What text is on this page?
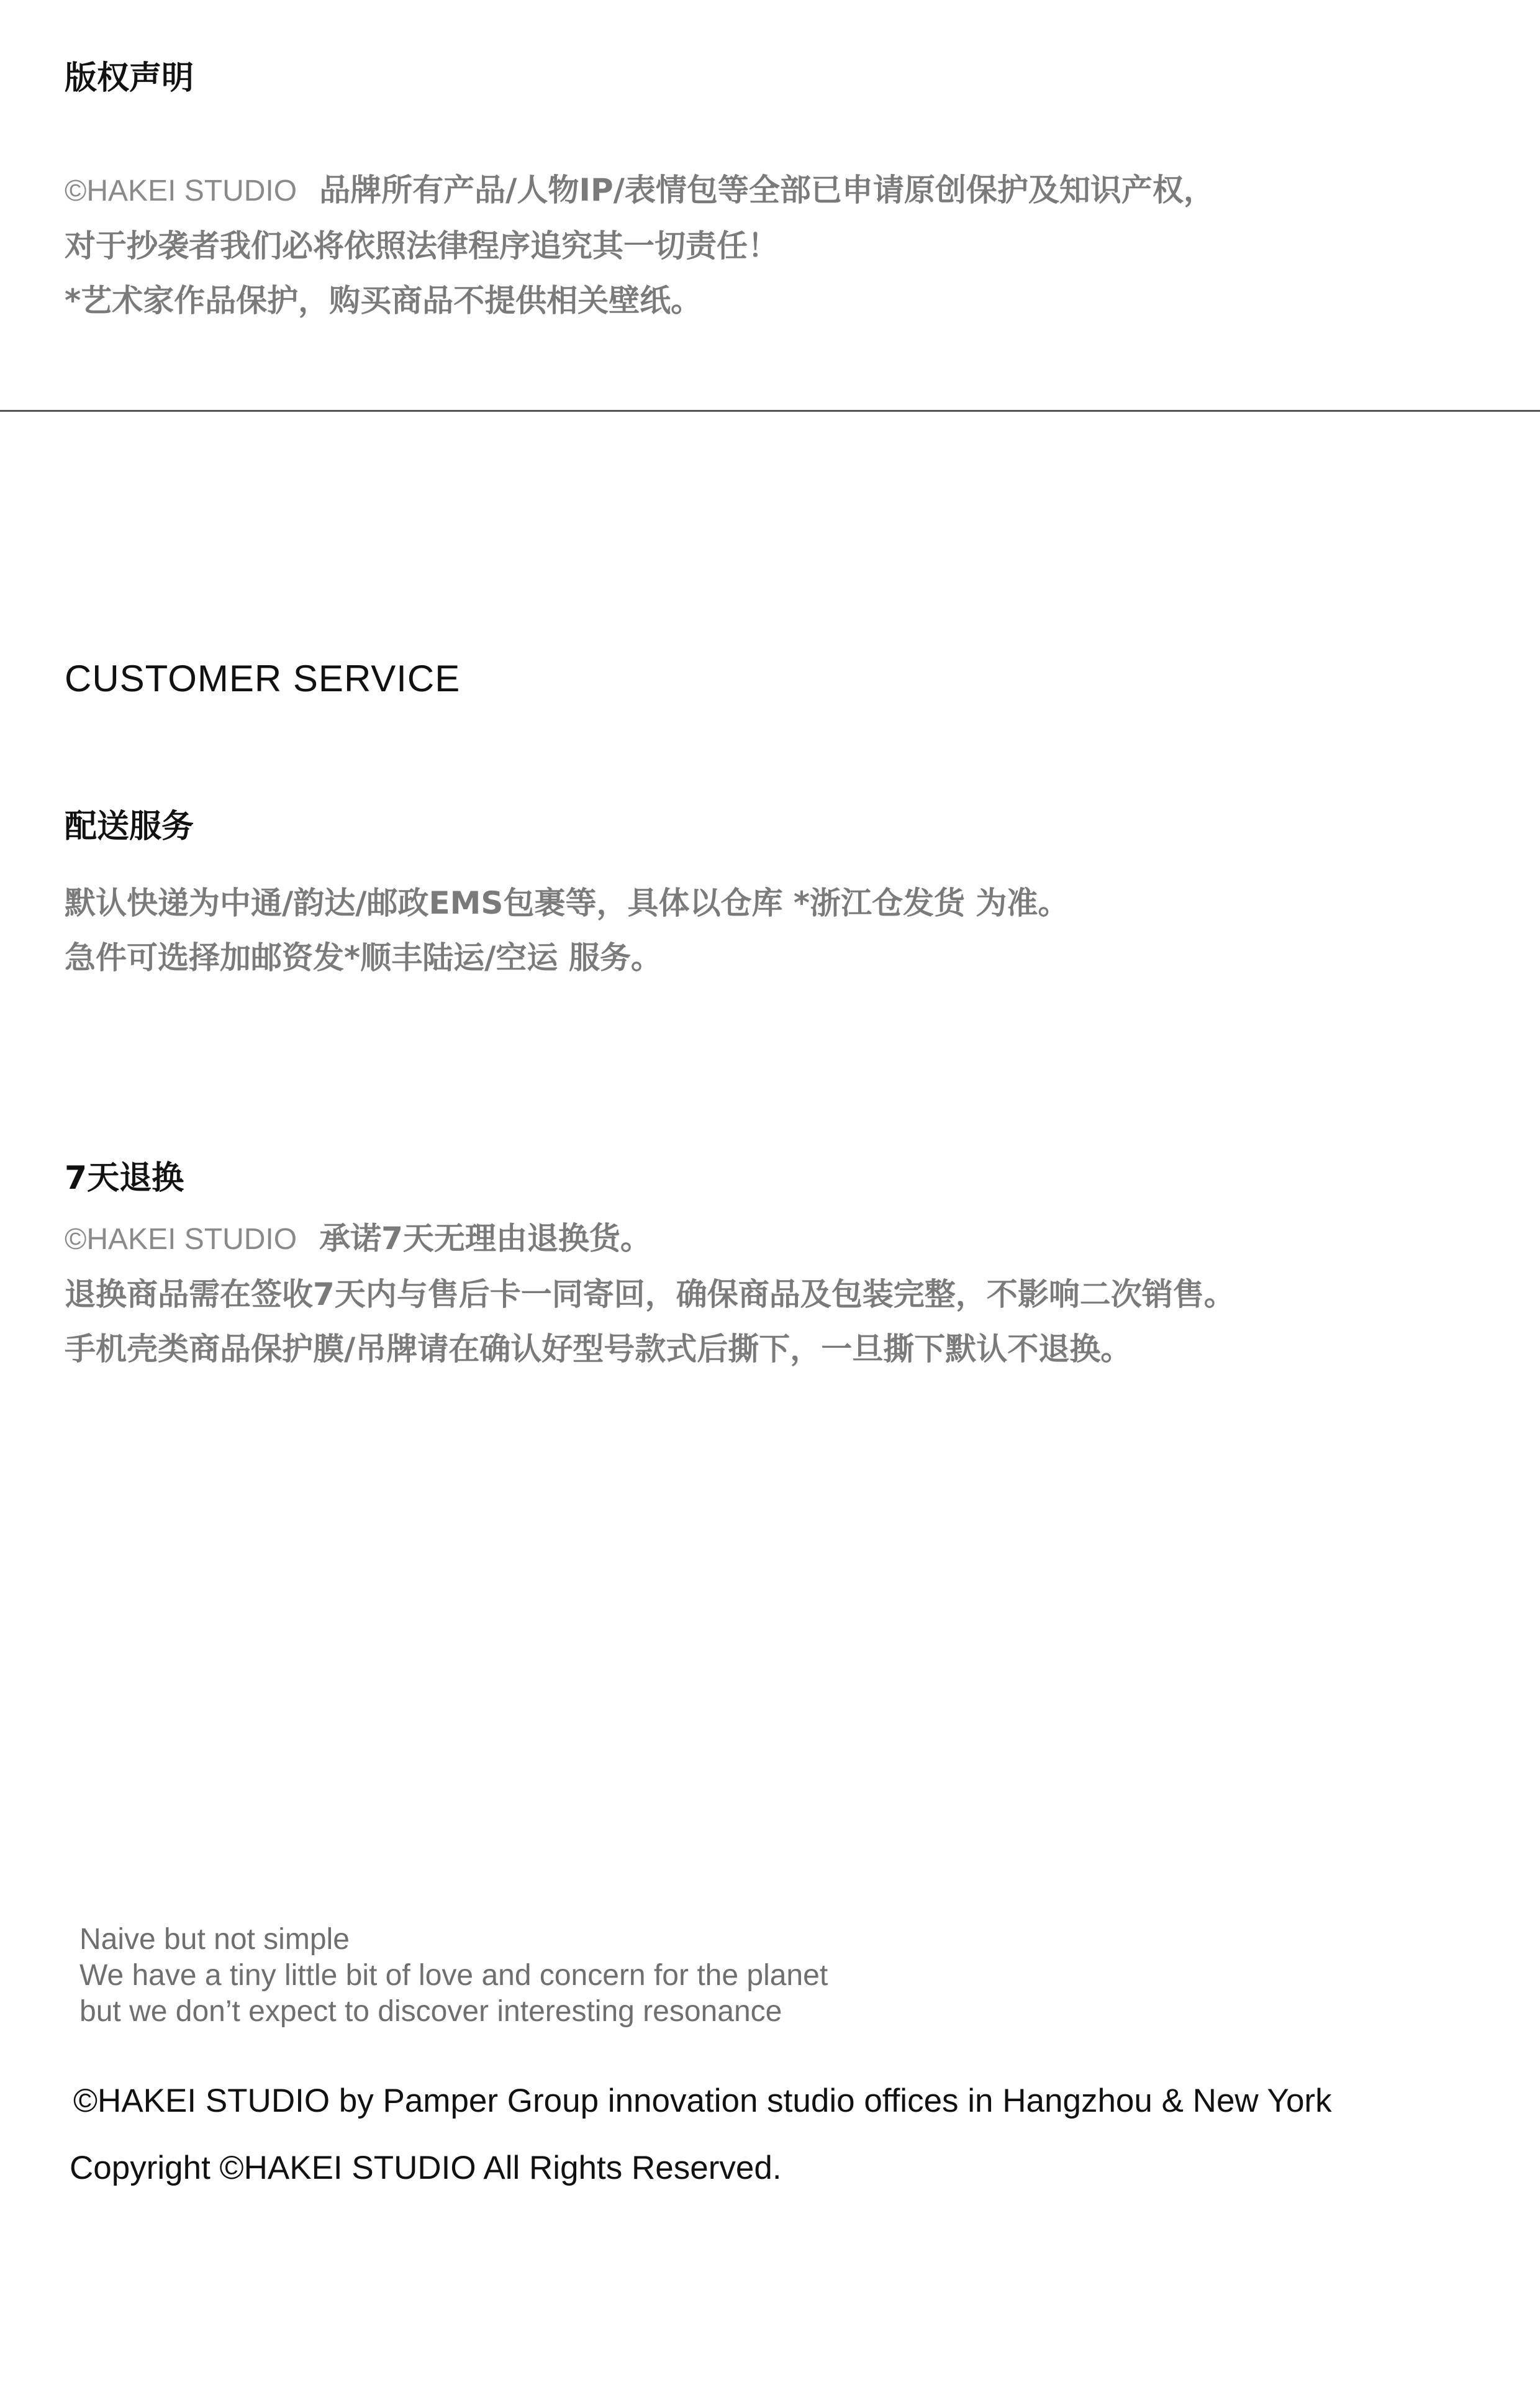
版权声明
©HAKEI STUDIO 品牌所有产品/人物IP/表情包等全部已申请原创保护及知识产权，
对于抄袭者我们必将依照法律程序追究其一切责任！
*艺术家作品保护，购买商品不提供相关壁纸。
CUSTOMER SERVICE
配送服务
默认快递为中通/韵达/邮政EMS包裹等，具体以仓库 *浙江仓发货 为准。
急件可选择加邮资发*顺丰陆运/空运 服务。
7天退换
©HAKEI STUDIO 承诺7天无理由退换货。
退换商品需在签收7天内与售后卡一同寄回，确保商品及包装完整，不影响二次销售。
手机壳类商品保护膜/吊牌请在确认好型号款式后撕下，一旦撕下默认不退换。
Naive but not simple
We have a tiny little bit of love and concern for the planet
but we don’t expect to discover interesting resonance
©HAKEI STUDIO by Pamper Group innovation studio offices in Hangzhou & New York
Copyright ©HAKEI STUDIO All Rights Reserved.
